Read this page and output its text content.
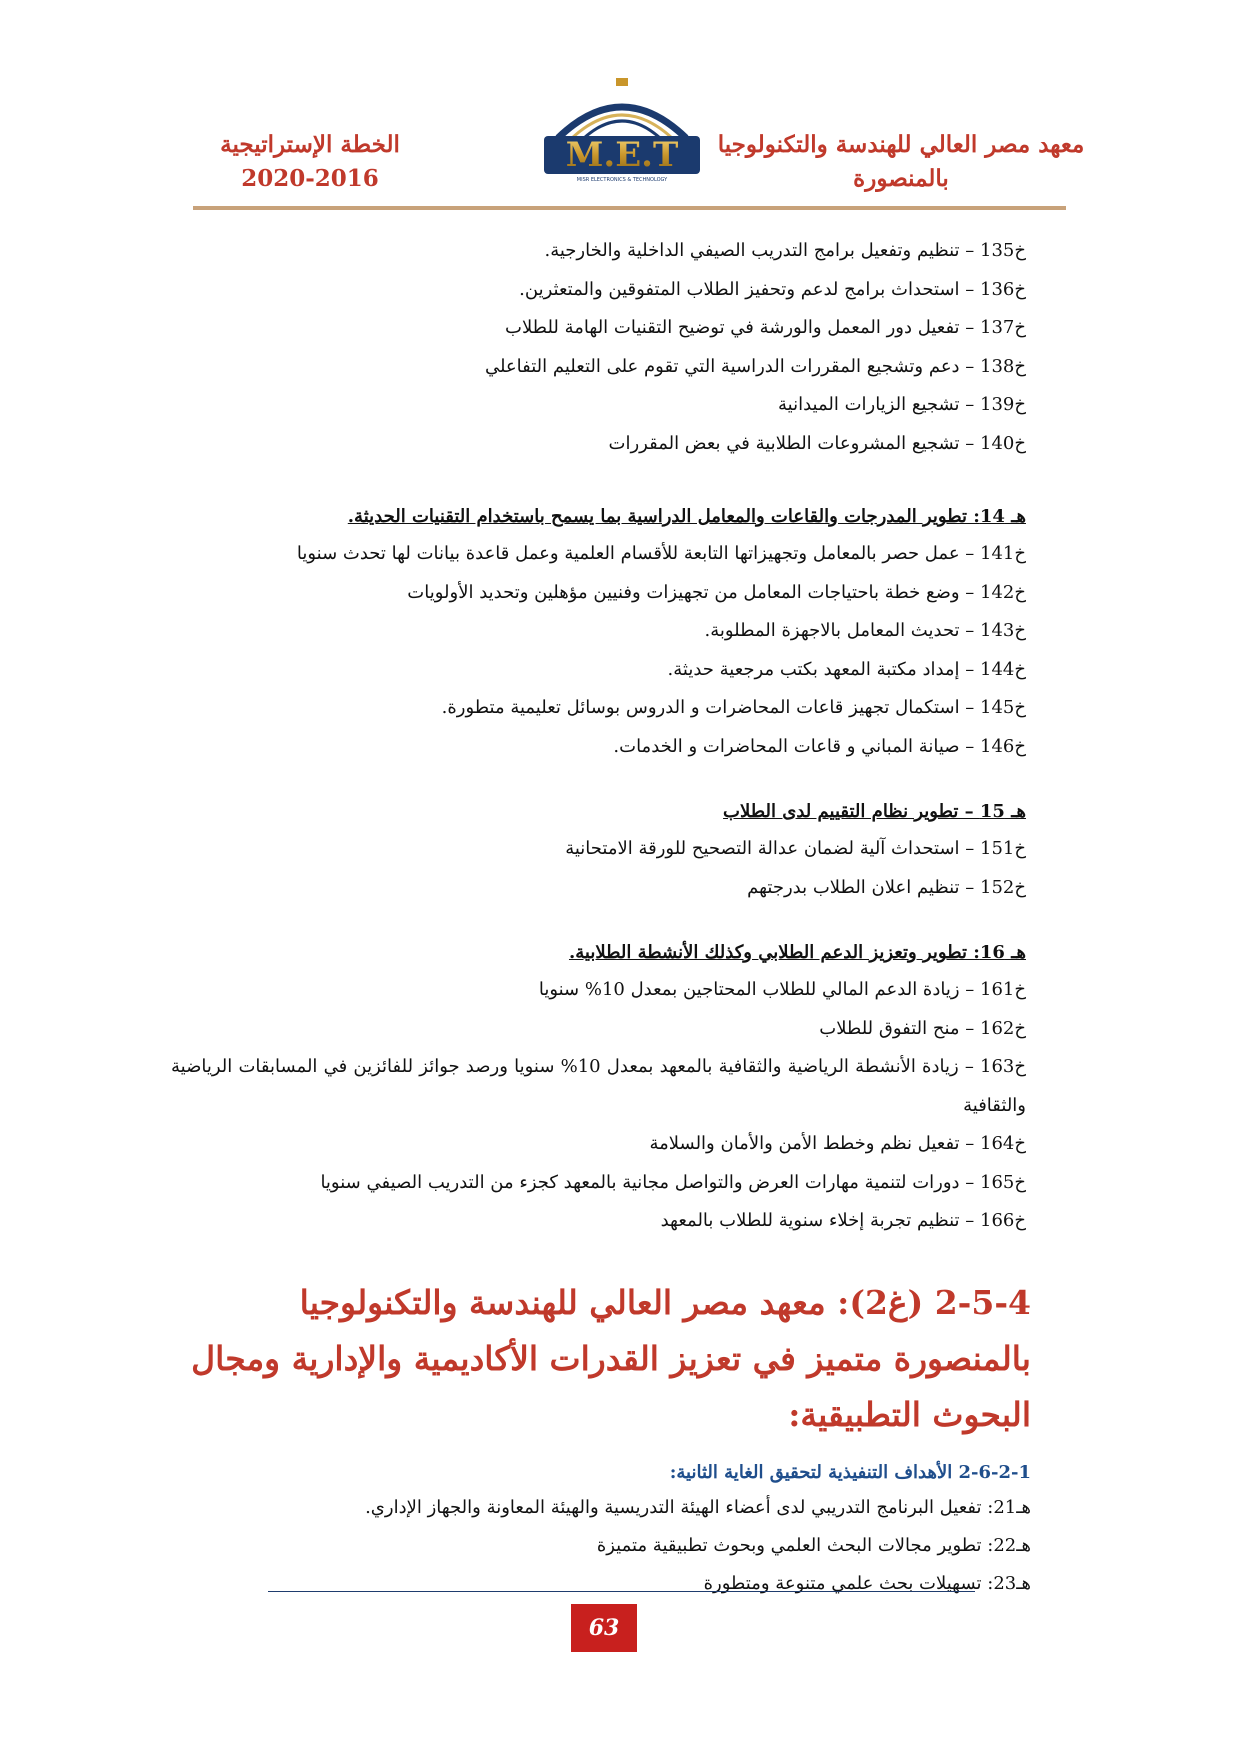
معهد مصر العالي للهندسة والتكنولوجيا
بالمنصورة
M.E.T
MISR ELECTRONICS & TECHNOLOGY
الخطة الإستراتيجية
2020-2016
خ135 – تنظيم وتفعيل برامج التدريب الصيفي الداخلية والخارجية.
خ136 – استحداث برامج لدعم وتحفيز الطلاب المتفوقين والمتعثرين.
خ137 – تفعيل دور المعمل والورشة في توضيح التقنيات الهامة للطلاب
خ138 – دعم وتشجيع المقررات الدراسية التي تقوم على التعليم التفاعلي
خ139 – تشجيع الزيارات الميدانية
خ140 – تشجيع المشروعات الطلابية في بعض المقررات
هـ 14: تطوير المدرجات والقاعات والمعامل الدراسية بما يسمح باستخدام التقنيات الحديثة.
خ141 – عمل حصر بالمعامل وتجهيزاتها التابعة للأقسام العلمية وعمل قاعدة بيانات لها تحدث سنويا
خ142 – وضع خطة باحتياجات المعامل من تجهيزات وفنيين مؤهلين وتحديد الأولويات
خ143 – تحديث المعامل بالاجهزة المطلوبة.
خ144 – إمداد مكتبة المعهد بكتب مرجعية حديثة.
خ145 – استكمال تجهيز قاعات المحاضرات و الدروس بوسائل تعليمية متطورة.
خ146 – صيانة المباني و قاعات المحاضرات و الخدمات.
هـ 15 – تطوير نظام التقييم لدى الطلاب
خ151 – استحداث آلية لضمان عدالة التصحيح للورقة الامتحانية
خ152 – تنظيم اعلان الطلاب بدرجتهم
هـ 16: تطوير وتعزيز الدعم الطلابي وكذلك الأنشطة الطلابية.
خ161 – زيادة الدعم المالي للطلاب المحتاجين بمعدل 10% سنويا
خ162 – منح التفوق للطلاب
خ163 – زيادة الأنشطة الرياضية والثقافية بالمعهد بمعدل 10% سنويا ورصد جوائز للفائزين في المسابقات الرياضية والثقافية
خ164 – تفعيل نظم وخطط الأمن والأمان والسلامة
خ165 – دورات لتنمية مهارات العرض والتواصل مجانية بالمعهد كجزء من التدريب الصيفي سنويا
خ166 – تنظيم تجربة إخلاء سنوية للطلاب بالمعهد
2-5-4 (غ2): معهد مصر العالي للهندسة والتكنولوجيا بالمنصورة متميز في تعزيز القدرات الأكاديمية والإدارية ومجال البحوث التطبيقية:
2-6-2-1 الأهداف التنفيذية لتحقيق الغاية الثانية:
هـ21: تفعيل البرنامج التدريبي لدى أعضاء الهيئة التدريسية والهيئة المعاونة والجهاز الإداري.
هـ22: تطوير مجالات البحث العلمي وبحوث تطبيقية متميزة
هـ23: تسهيلات بحث علمي متنوعة ومتطورة
63
